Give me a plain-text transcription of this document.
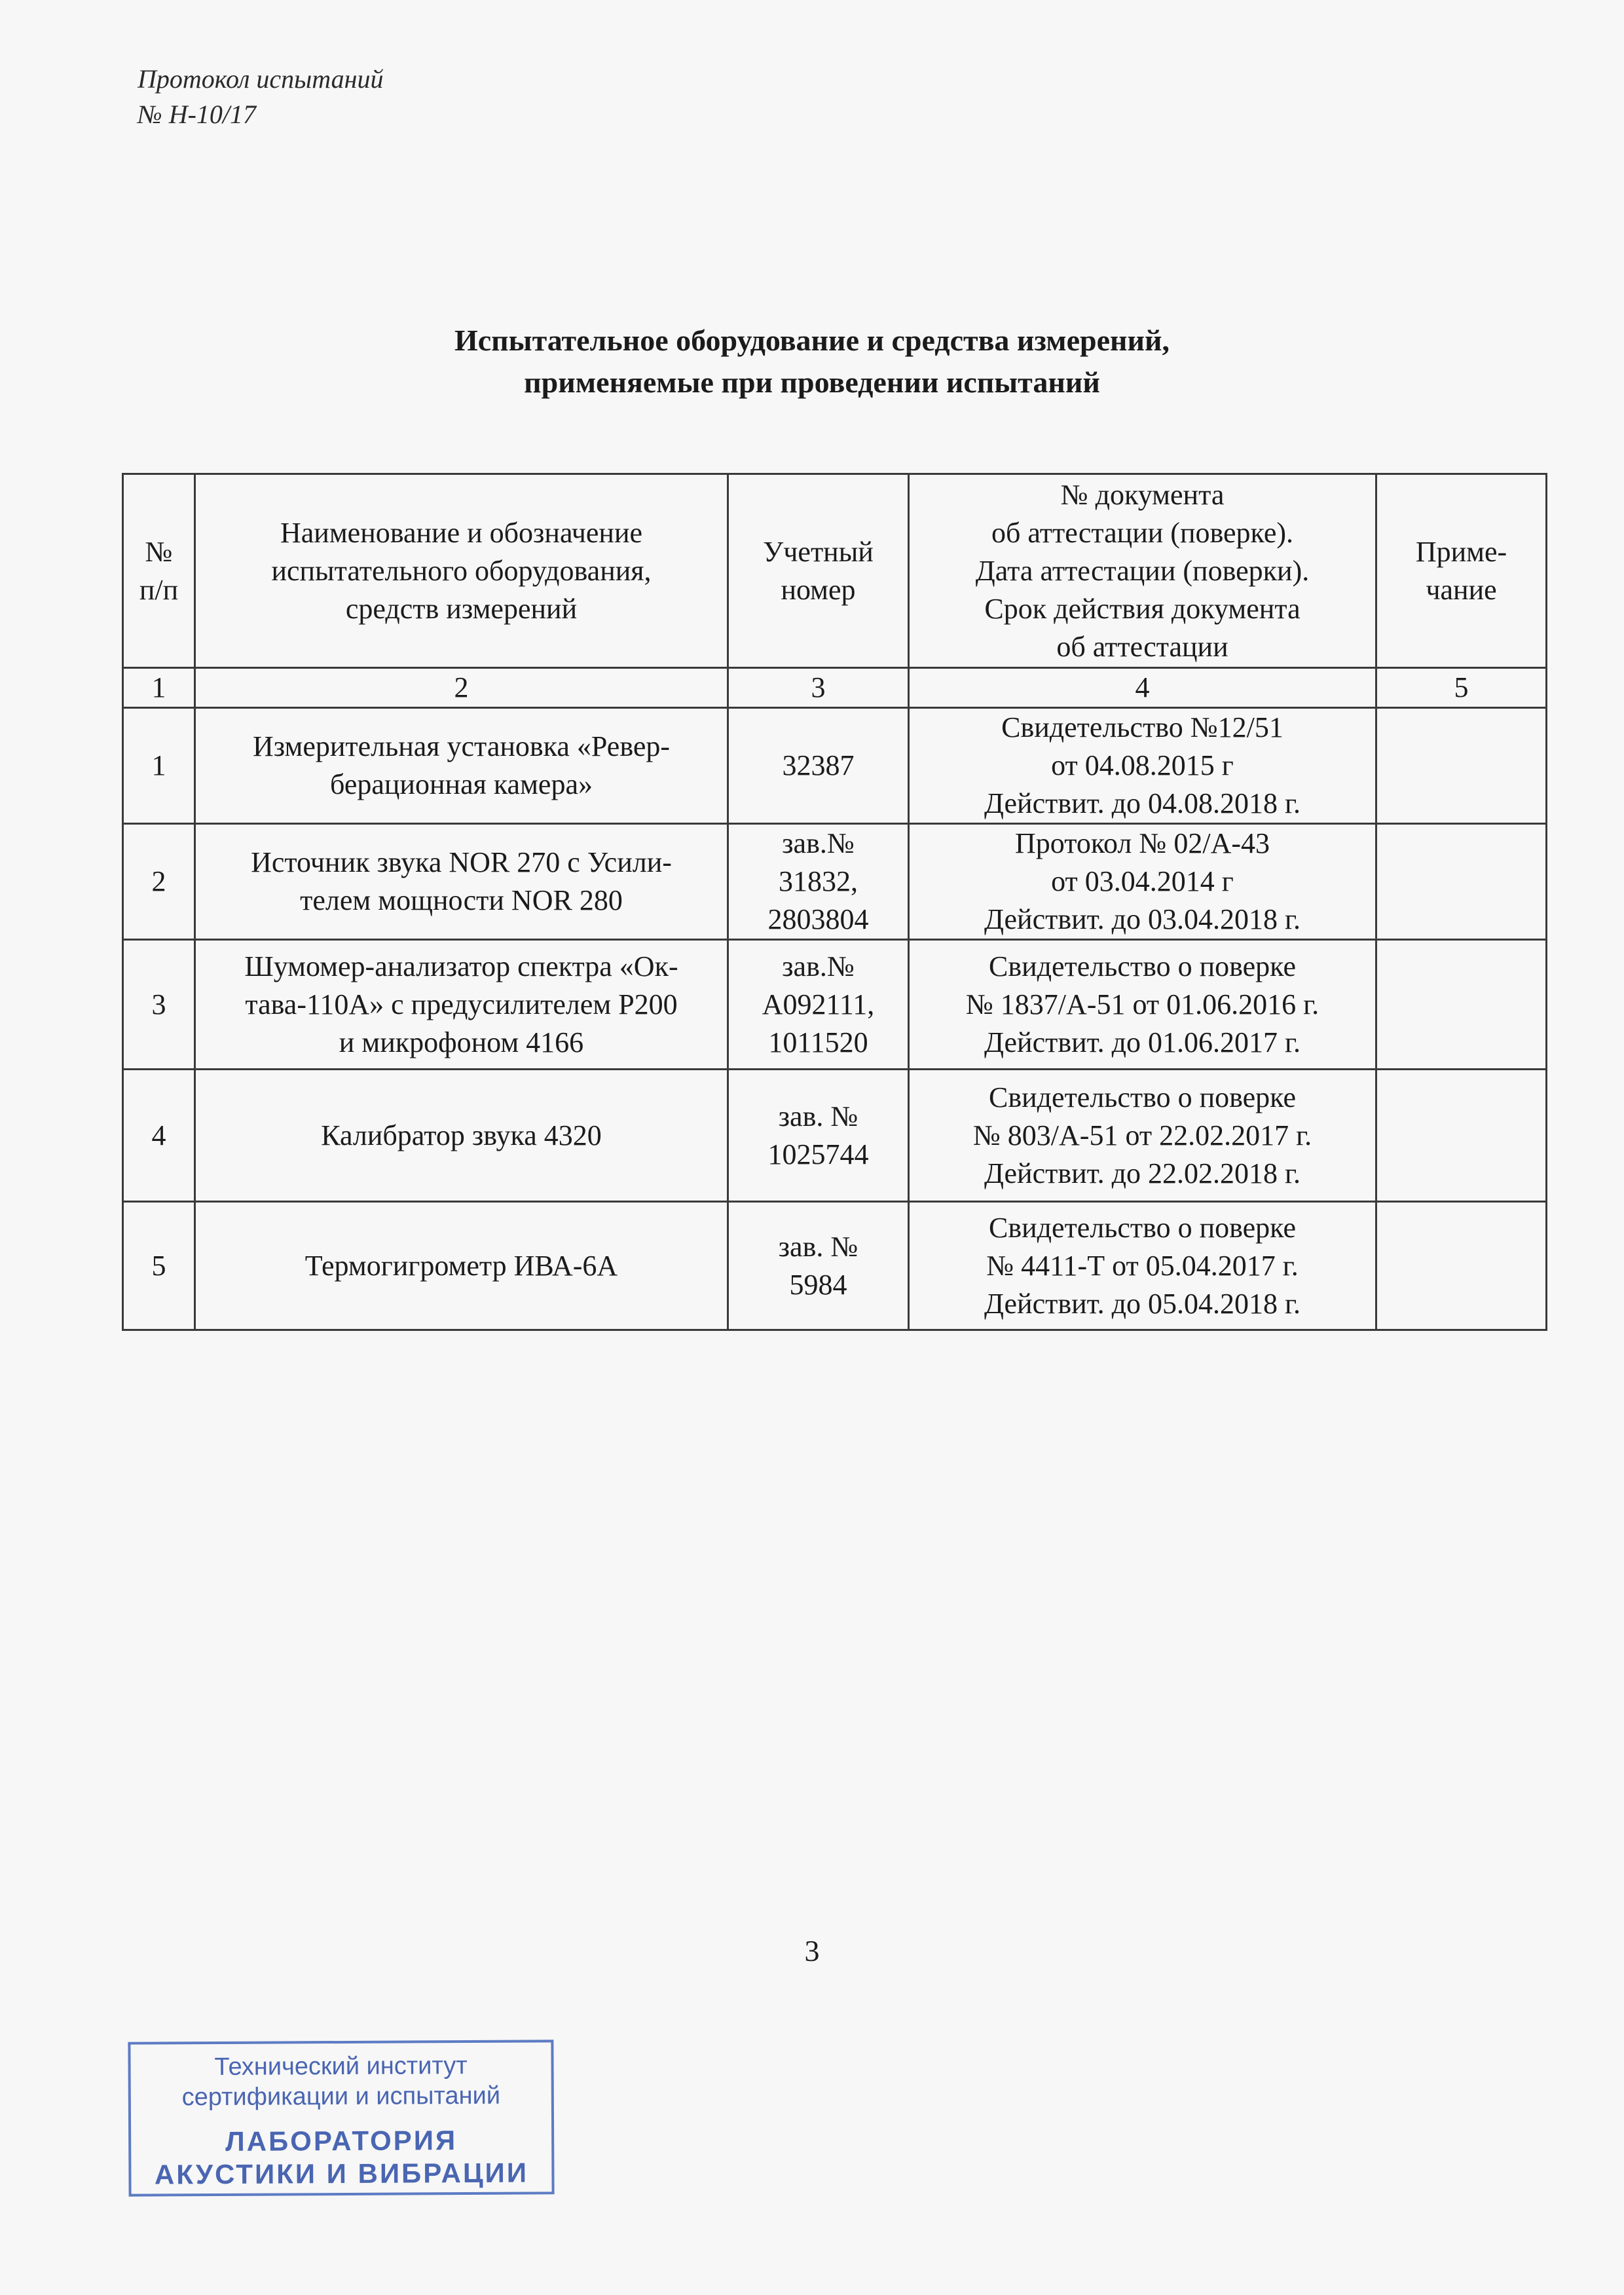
Протокол испытаний
№ Н-10/17
Испытательное оборудование и средства измерений,
применяемые при проведении испытаний
№
п/п	Наименование и обозначение
испытательного оборудования,
средств измерений	Учетный
номер	№ документа
об аттестации (поверке).
Дата аттестации (поверки).
Срок действия документа
об аттестации	Приме-
чание
1	2	3	4	5
1	Измерительная установка «Ревер-
берационная камера»	32387	Свидетельство №12/51
от 04.08.2015 г
Действит. до 04.08.2018 г.	
2	Источник звука NOR 270 с Усили-
телем мощности NOR 280	зав.№
31832,
2803804	Протокол № 02/А-43
от 03.04.2014 г
Действит. до 03.04.2018 г.	
3	Шумомер-анализатор спектра «Ок-
тава-110А» с предусилителем Р200
и микрофоном 4166	зав.№
А092111,
1011520	Свидетельство о поверке
№ 1837/А-51 от 01.06.2016 г.
Действит. до 01.06.2017 г.	
4	Калибратор звука 4320	зав. №
1025744	Свидетельство о поверке
№ 803/А-51 от 22.02.2017 г.
Действит. до 22.02.2018 г.	
5	Термогигрометр ИВА-6А	зав. №
5984	Свидетельство о поверке
№ 4411-Т от 05.04.2017 г.
Действит. до 05.04.2018 г.	
3
Технический институт
сертификации и испытаний
ЛАБОРАТОРИЯ
АКУСТИКИ И ВИБРАЦИИ
